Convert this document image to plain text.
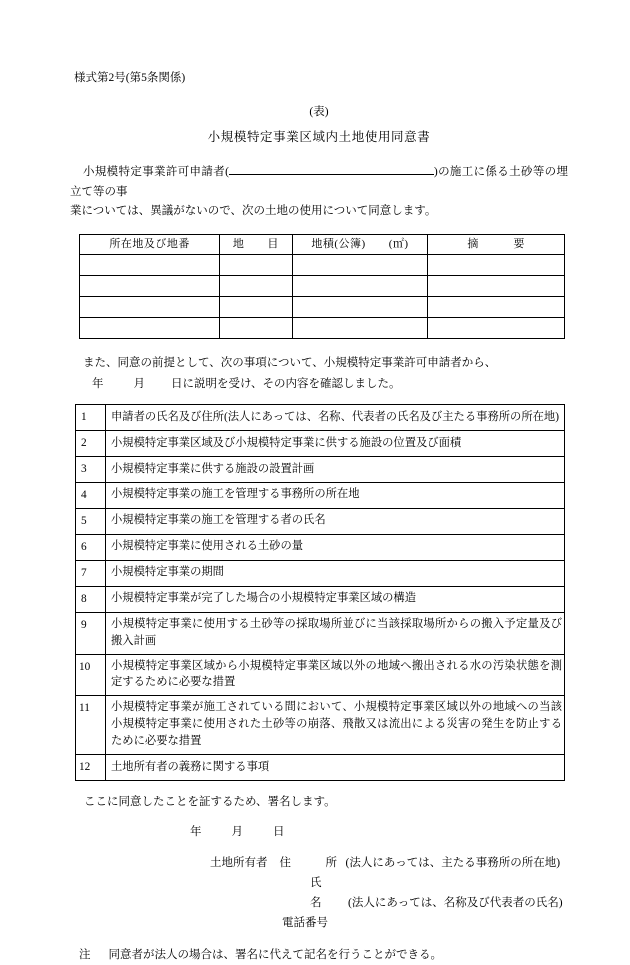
様式第2号(第5条関係)
(表)
小規模特定事業区域内土地使用同意書
小規模特定事業許可申請者(	)の施工に係る土砂等の埋立て等の事
業については、異議がないので、次の土地の使用について同意します。
所在地及び地番	地　　目	地積(公簿)　　(㎡)	摘　　　要

また、同意の前提として、次の事項について、小規模特定事業許可申請者から、
年	月 日に説明を受け、その内容を確認しました。
1	申請者の氏名及び住所(法人にあっては、名称、代表者の氏名及び主たる事務所の所在地)
2	小規模特定事業区域及び小規模特定事業に供する施設の位置及び面積
3	小規模特定事業に供する施設の設置計画
4	小規模特定事業の施工を管理する事務所の所在地
5	小規模特定事業の施工を管理する者の氏名
6	小規模特定事業に使用される土砂の量
7	小規模特定事業の期間
8	小規模特定事業が完了した場合の小規模特定事業区域の構造
9	小規模特定事業に使用する土砂等の採取場所並びに当該採取場所からの搬入予定量及び搬入計画
10	小規模特定事業区域から小規模特定事業区域以外の地域へ搬出される水の汚染状態を測定するために必要な措置
11	小規模特定事業が施工されている間において、小規模特定事業区域以外の地域への当該小規模特定事業に使用された土砂等の崩落、飛散又は流出による災害の発生を防止するために必要な措置
12	土地所有者の義務に関する事項
ここに同意したことを証するため、署名します。
年	月	日
土地所有者 住　　　所 (法人にあっては、主たる事務所の所在地)
氏　　　名 (法人にあっては、名称及び代表者の氏名)
電話番号
注 同意者が法人の場合は、署名に代えて記名を行うことができる。
